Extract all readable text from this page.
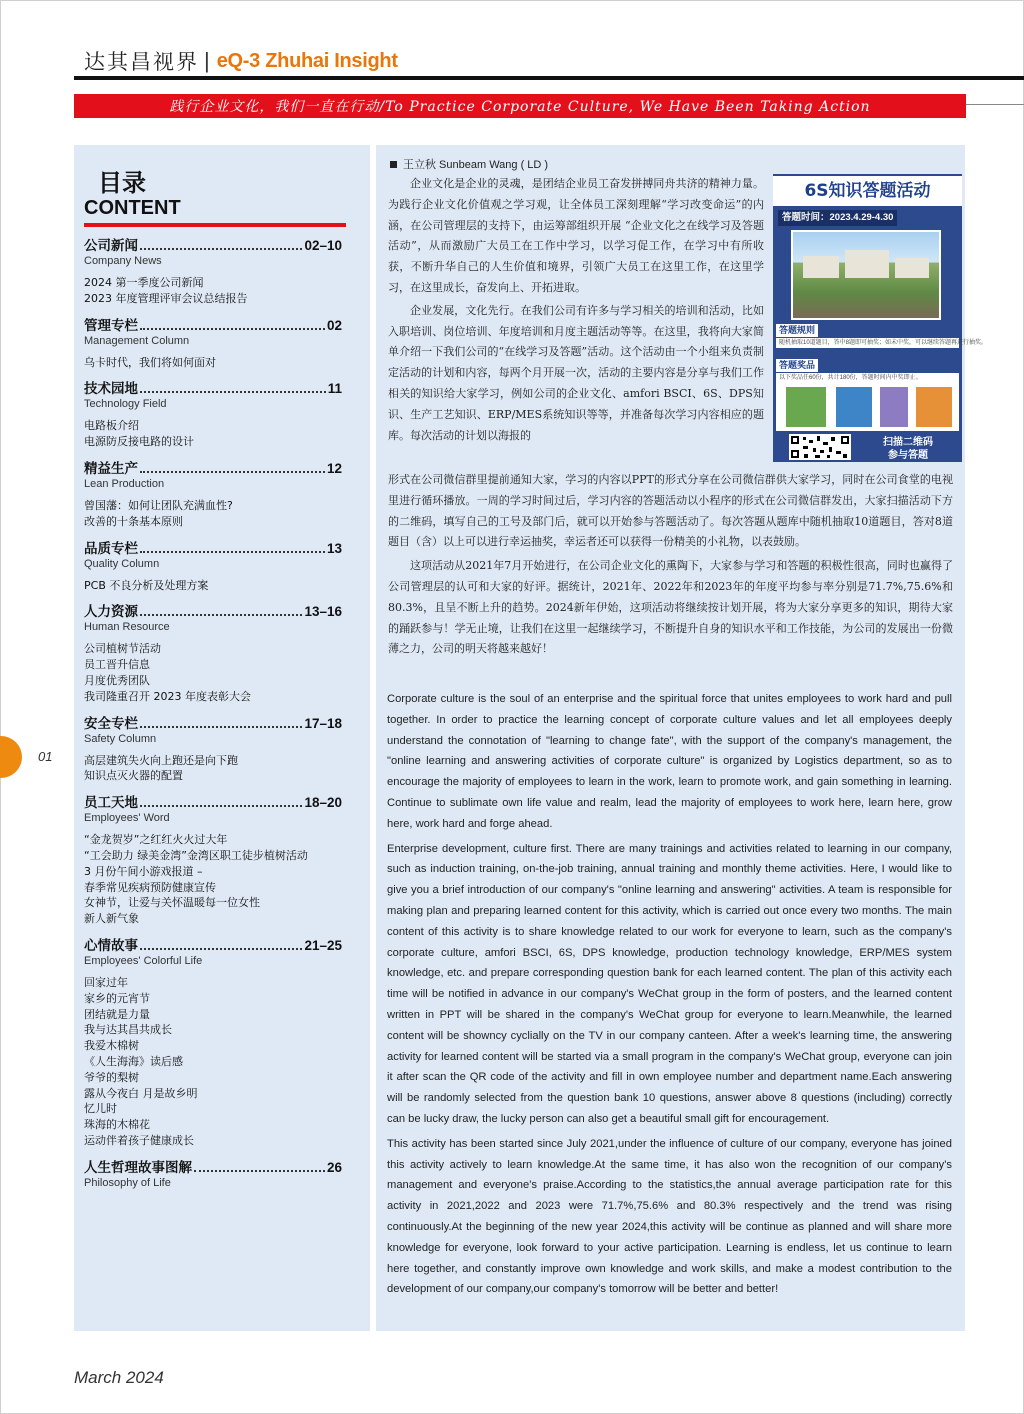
达其昌视界 | eQ-3 Zhuhai Insight
践行企业文化，我们一直在行动/To Practice Corporate Culture, We Have Been Taking Action
01
目录
CONTENT
公司新闻	02–10
Company News
2024 第一季度公司新闻
2023 年度管理评审会议总结报告
管理专栏	02
Management Column
乌卡时代，我们将如何面对
技术园地	11
Technology Field
电路板介绍
电源防反接电路的设计
精益生产	12
Lean Production
曾国藩：如何让团队充满血性?
改善的十条基本原则
品质专栏	13
Quality Column
PCB 不良分析及处理方案
人力资源	13–16
Human Resource
公司植树节活动
员工晋升信息
月度优秀团队
我司隆重召开 2023 年度表彰大会
安全专栏	17–18
Safety Column
高层建筑失火向上跑还是向下跑
知识点灭火器的配置
员工天地	18–20
Employees' Word
“金龙贺岁”之红红火火过大年
“工会助力 绿美金湾”金湾区职工徒步植树活动
3 月份午间小游戏报道 –
春季常见疾病预防健康宣传
女神节，让爱与关怀温暖每一位女性
新人新气象
心情故事	21–25
Employees' Colorful Life
回家过年
家乡的元宵节
团结就是力量
我与达其昌共成长
我爱木棉树
《人生海海》读后感
爷爷的梨树
露从今夜白 月是故乡明
忆儿时
珠海的木棉花
运动伴着孩子健康成长
人生哲理故事图解	26
Philosophy of Life
王立秋 Sunbeam Wang ( LD )

企业文化是企业的灵魂，是团结企业员工奋发拼搏同舟共济的精神力量。为践行企业文化价值观之学习观，让全体员工深刻理解“学习改变命运”的内涵，在公司管理层的支持下，由运筹部组织开展 “企业文化之在线学习及答题活动”，从而激励广大员工在工作中学习，以学习促工作，在学习中有所收获，不断升华自己的人生价值和境界，引领广大员工在这里工作，在这里学习，在这里成长，奋发向上、开拓进取。

企业发展，文化先行。在我们公司有许多与学习相关的培训和活动，比如入职培训、岗位培训、年度培训和月度主题活动等等。在这里，我将向大家简单介绍一下我们公司的“在线学习及答题”活动。这个活动由一个小组来负责制定活动的计划和内容，每两个月开展一次，活动的主要内容是分享与我们工作相关的知识给大家学习，例如公司的企业文化、amfori BSCI、6S、DPS知识、生产工艺知识、ERP/MES系统知识等等，并准备每次学习内容相应的题库。每次活动的计划以海报的

形式在公司微信群里提前通知大家，学习的内容以PPT的形式分享在公司微信群供大家学习，同时在公司食堂的电视里进行循环播放。一周的学习时间过后，学习内容的答题活动以小程序的形式在公司微信群发出，大家扫描活动下方的二维码，填写自己的工号及部门后，就可以开始参与答题活动了。每次答题从题库中随机抽取10道题目，答对8道题目（含）以上可以进行幸运抽奖，幸运者还可以获得一份精美的小礼物，以表鼓励。

这项活动从2021年7月开始进行，在公司企业文化的熏陶下，大家参与学习和答题的积极性很高，同时也赢得了公司管理层的认可和大家的好评。据统计，2021年、2022年和2023年的年度平均参与率分别是71.7%,75.6%和80.3%，且呈不断上升的趋势。2024新年伊始，这项活动将继续按计划开展，将为大家分享更多的知识，期待大家的踊跃参与！学无止境，让我们在这里一起继续学习，不断提升自身的知识水平和工作技能，为公司的发展出一份微薄之力，公司的明天将越来越好！

Corporate culture is the soul of an enterprise and the spiritual force that unites employees to work hard and pull together. In order to practice the learning concept of corporate culture values and let all employees deeply understand the connotation of "learning to change fate", with the support of the company's management, the "online learning and answering activities of corporate culture" is organized by Logistics department, so as to encourage the majority of employees to learn in the work, learn to promote work, and gain something in learning. Continue to sublimate own life value and realm, lead the majority of employees to work here, learn here, grow here, work hard and forge ahead.

Enterprise development, culture first. There are many trainings and activities related to learning in our company, such as induction training, on-the-job training, annual training and monthly theme activities. Here, I would like to give you a brief introduction of our company's "online learning and answering" activities. A team is responsible for making plan and preparing learned content for this activity, which is carried out once every two months. The main content of this activity is to share knowledge related to our work for everyone to learn, such as the company's corporate culture, amfori BSCI, 6S, DPS knowledge, production technology knowledge, ERP/MES system knowledge, etc. and prepare corresponding question bank for each learned content. The plan of this activity each time will be notified in advance in our company's WeChat group in the form of posters, and the learned content written in PPT will be shared in the company's WeChat group for everyone to learn.Meanwhile, the learned content will be showncy cyclially on the TV in our company canteen. After a week's learning time, the answering activity for learned content will be started via a small program in the company's WeChat group, everyone can join it after scan the QR code of the activity and fill in own employee number and department name.Each answering will be randomly selected from the question bank 10 questions, answer above 8 questions (including) correctly can be lucky draw, the lucky person can also get a beautiful small gift for encouragement.

This activity has been started since July 2021,under the influence of culture of our company, everyone has joined this activity actively to learn knowledge.At the same time, it has also won the recognition of our company's management and everyone's praise.According to the statistics,the annual average participation rate for this activity in 2021,2022 and 2023 were 71.7%,75.6% and 80.3% respectively and the trend was rising continuously.At the beginning of the new year 2024,this activity will be continue as planned and will share more knowledge for everyone, look forward to your active participation. Learning is endless, let us continue to learn here together, and constantly improve own knowledge and work skills, and make a modest contribution to the development of our company,our company's tomorrow will be better and better!

6S知识答题活动
答题时间：2023.4.29-4.30
答题规则
随机抽取10道题目，答中8题即可抽奖；如未中奖，可以继续答题再进行抽奖。
答题奖品
以下奖品任60份，共计180份，答题时间内中奖即止。
扫描二维码
参与答题
March 2024
